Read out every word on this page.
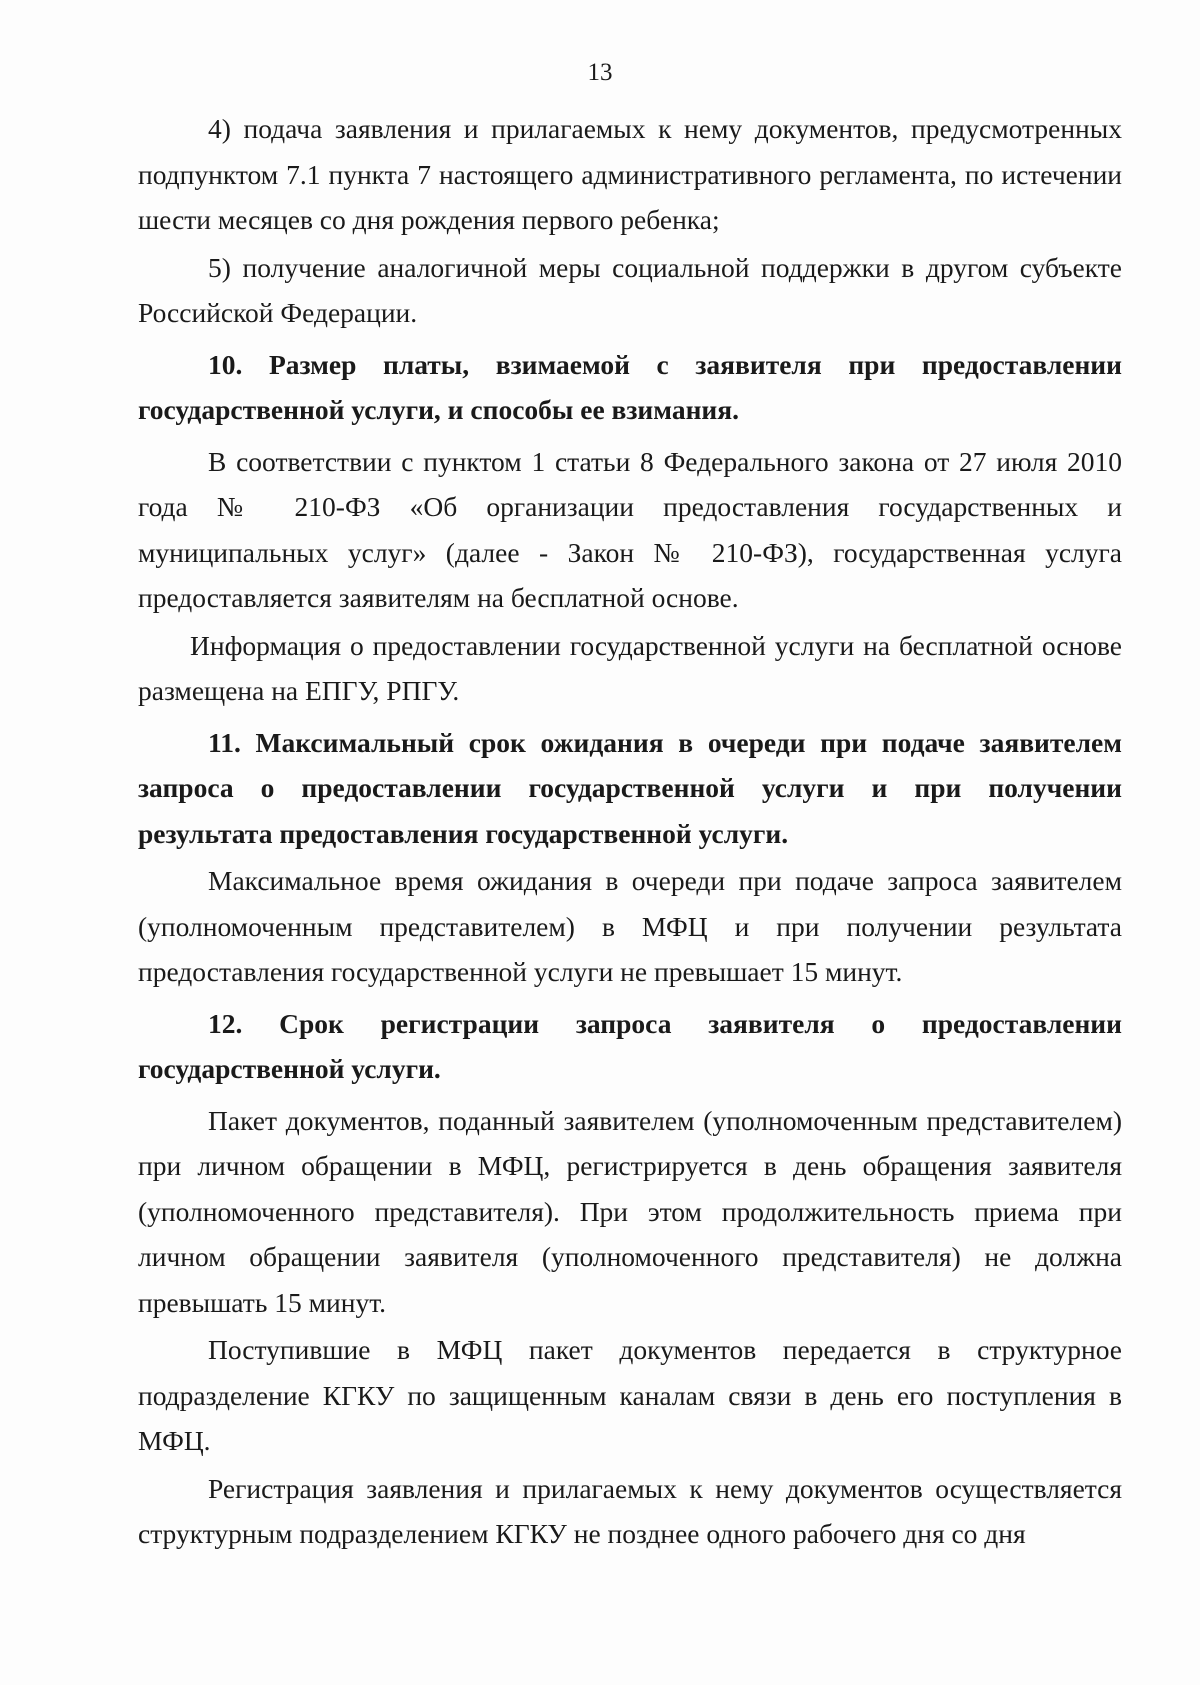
13

4) подача заявления и прилагаемых к нему документов, предусмотренных подпунктом 7.1 пункта 7 настоящего административного регламента, по истечении шести месяцев со дня рождения первого ребенка;

5) получение аналогичной меры социальной поддержки в другом субъекте Российской Федерации.

10. Размер платы, взимаемой с заявителя при предоставлении государственной услуги, и способы ее взимания.

В соответствии с пунктом 1 статьи 8 Федерального закона от 27 июля 2010 года № 210-ФЗ «Об организации предоставления государственных и муниципальных услуг» (далее - Закон № 210-ФЗ), государственная услуга предоставляется заявителям на бесплатной основе.

Информация о предоставлении государственной услуги на бесплатной основе размещена на ЕПГУ, РПГУ.

11. Максимальный срок ожидания в очереди при подаче заявителем запроса о предоставлении государственной услуги и при получении результата предоставления государственной услуги.

Максимальное время ожидания в очереди при подаче запроса заявителем (уполномоченным представителем) в МФЦ и при получении результата предоставления государственной услуги не превышает 15 минут.

12. Срок регистрации запроса заявителя о предоставлении государственной услуги.

Пакет документов, поданный заявителем (уполномоченным представителем) при личном обращении в МФЦ, регистрируется в день обращения заявителя (уполномоченного представителя). При этом продолжительность приема при личном обращении заявителя (уполномоченного представителя) не должна превышать 15 минут.

Поступившие в МФЦ пакет документов передается в структурное подразделение КГКУ по защищенным каналам связи в день его поступления в МФЦ.

Регистрация заявления и прилагаемых к нему документов осуществляется структурным подразделением КГКУ не позднее одного рабочего дня со дня
